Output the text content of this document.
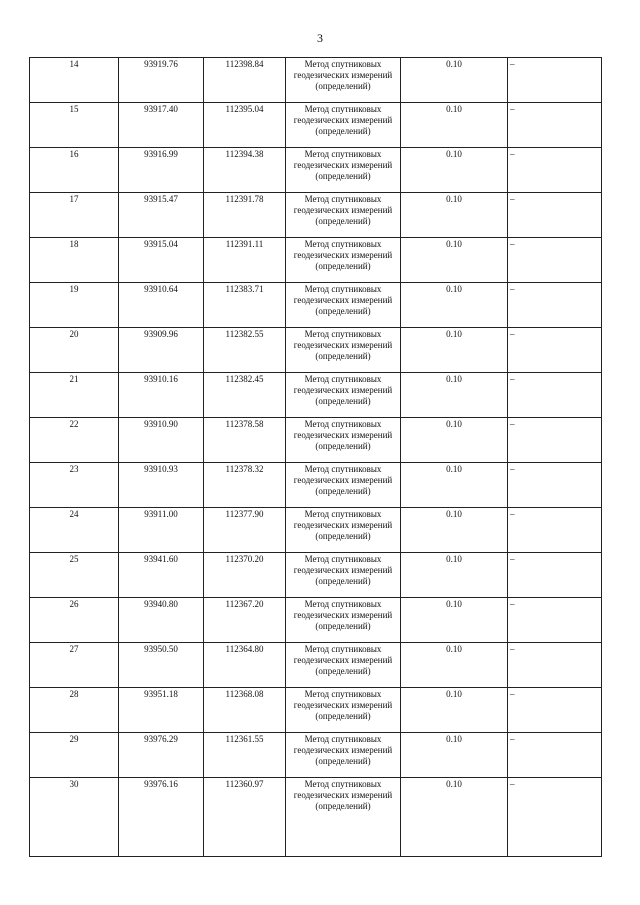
3
14	93919.76	112398.84	Метод спутниковых геодезических измерений (определений)	0.10	–
15	93917.40	112395.04	Метод спутниковых геодезических измерений (определений)	0.10	–
16	93916.99	112394.38	Метод спутниковых геодезических измерений (определений)	0.10	–
17	93915.47	112391.78	Метод спутниковых геодезических измерений (определений)	0.10	–
18	93915.04	112391.11	Метод спутниковых геодезических измерений (определений)	0.10	–
19	93910.64	112383.71	Метод спутниковых геодезических измерений (определений)	0.10	–
20	93909.96	112382.55	Метод спутниковых геодезических измерений (определений)	0.10	–
21	93910.16	112382.45	Метод спутниковых геодезических измерений (определений)	0.10	–
22	93910.90	112378.58	Метод спутниковых геодезических измерений (определений)	0.10	–
23	93910.93	112378.32	Метод спутниковых геодезических измерений (определений)	0.10	–
24	93911.00	112377.90	Метод спутниковых геодезических измерений (определений)	0.10	–
25	93941.60	112370.20	Метод спутниковых геодезических измерений (определений)	0.10	–
26	93940.80	112367.20	Метод спутниковых геодезических измерений (определений)	0.10	–
27	93950.50	112364.80	Метод спутниковых геодезических измерений (определений)	0.10	–
28	93951.18	112368.08	Метод спутниковых геодезических измерений (определений)	0.10	–
29	93976.29	112361.55	Метод спутниковых геодезических измерений (определений)	0.10	–
30	93976.16	112360.97	Метод спутниковых геодезических измерений (определений)	0.10	–
